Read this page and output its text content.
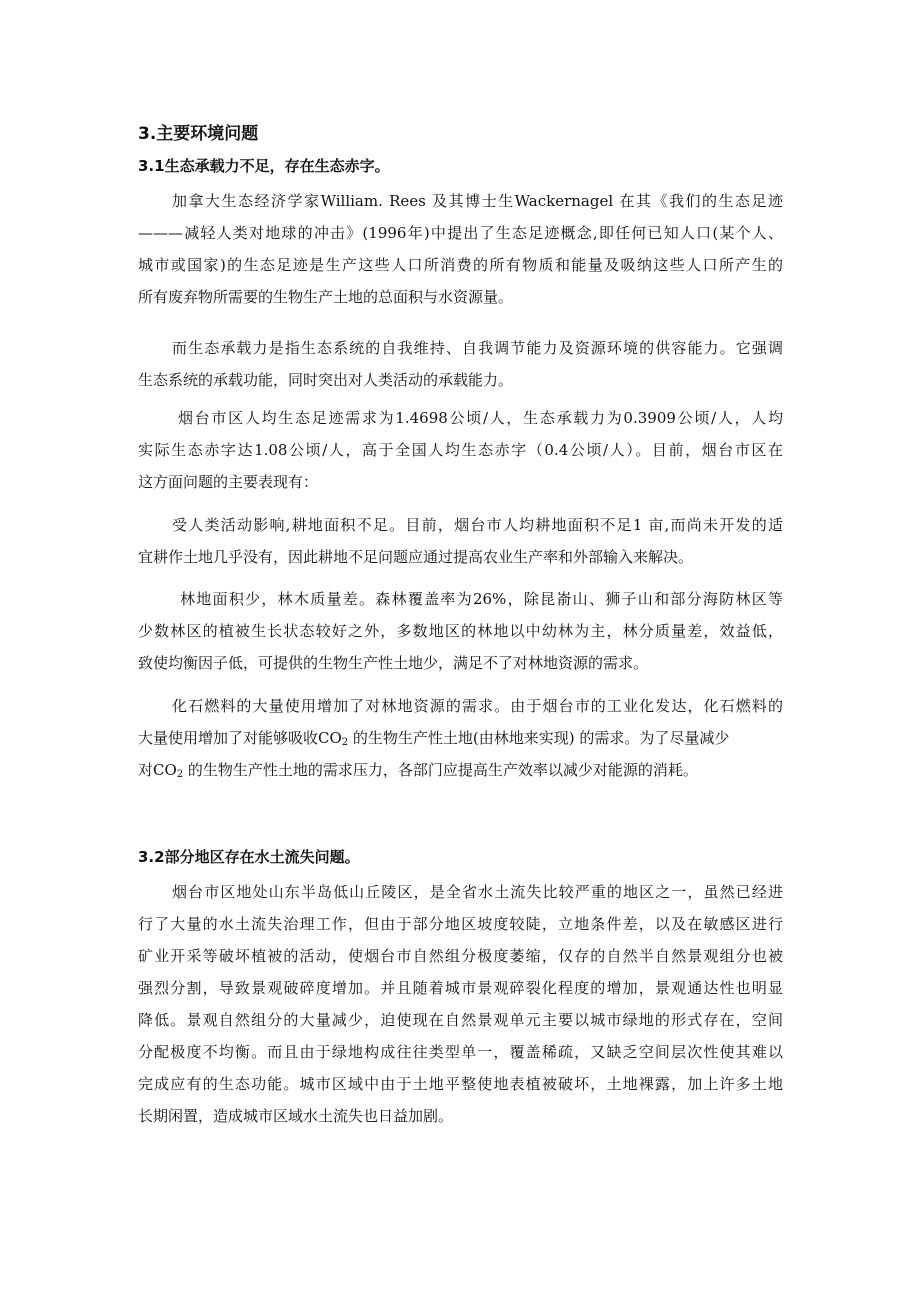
3.主要环境问题
3.1生态承载力不足，存在生态赤字。
加拿大生态经济学家William. Rees 及其博士生Wackernagel 在其《我们的生态足迹
———减轻人类对地球的冲击》(1996年)中提出了生态足迹概念,即任何已知人口(某个人、
城市或国家)的生态足迹是生产这些人口所消费的所有物质和能量及吸纳这些人口所产生的
所有废弃物所需要的生物生产土地的总面积与水资源量。
而生态承载力是指生态系统的自我维持、自我调节能力及资源环境的供容能力。它强调
生态系统的承载功能，同时突出对人类活动的承载能力。
烟台市区人均生态足迹需求为1.4698公顷/人，生态承载力为0.3909公顷/人，人均
实际生态赤字达1.08公顷/人，高于全国人均生态赤字（0.4公顷/人）。目前，烟台市区在
这方面问题的主要表现有：
受人类活动影响,耕地面积不足。目前，烟台市人均耕地面积不足1 亩,而尚未开发的适
宜耕作土地几乎没有，因此耕地不足问题应通过提高农业生产率和外部输入来解决。
林地面积少，林木质量差。森林覆盖率为26%，除昆嵛山、狮子山和部分海防林区等
少数林区的植被生长状态较好之外，多数地区的林地以中幼林为主，林分质量差，效益低，
致使均衡因子低，可提供的生物生产性土地少，满足不了对林地资源的需求。
化石燃料的大量使用增加了对林地资源的需求。由于烟台市的工业化发达，化石燃料的
大量使用增加了对能够吸收$CO_2$ 的生物生产性土地(由林地来实现) 的需求。为了尽量减少
对$CO_2$ 的生物生产性土地的需求压力，各部门应提高生产效率以减少对能源的消耗。
3.2部分地区存在水土流失问题。
烟台市区地处山东半岛低山丘陵区，是全省水土流失比较严重的地区之一，虽然已经进
行了大量的水土流失治理工作，但由于部分地区坡度较陡，立地条件差，以及在敏感区进行
矿业开采等破坏植被的活动，使烟台市自然组分极度萎缩，仅存的自然半自然景观组分也被
强烈分割，导致景观破碎度增加。并且随着城市景观碎裂化程度的增加，景观通达性也明显
降低。景观自然组分的大量减少，迫使现在自然景观单元主要以城市绿地的形式存在，空间
分配极度不均衡。而且由于绿地构成往往类型单一，覆盖稀疏，又缺乏空间层次性使其难以
完成应有的生态功能。城市区域中由于土地平整使地表植被破坏，土地裸露，加上许多土地
长期闲置，造成城市区域水土流失也日益加剧。
